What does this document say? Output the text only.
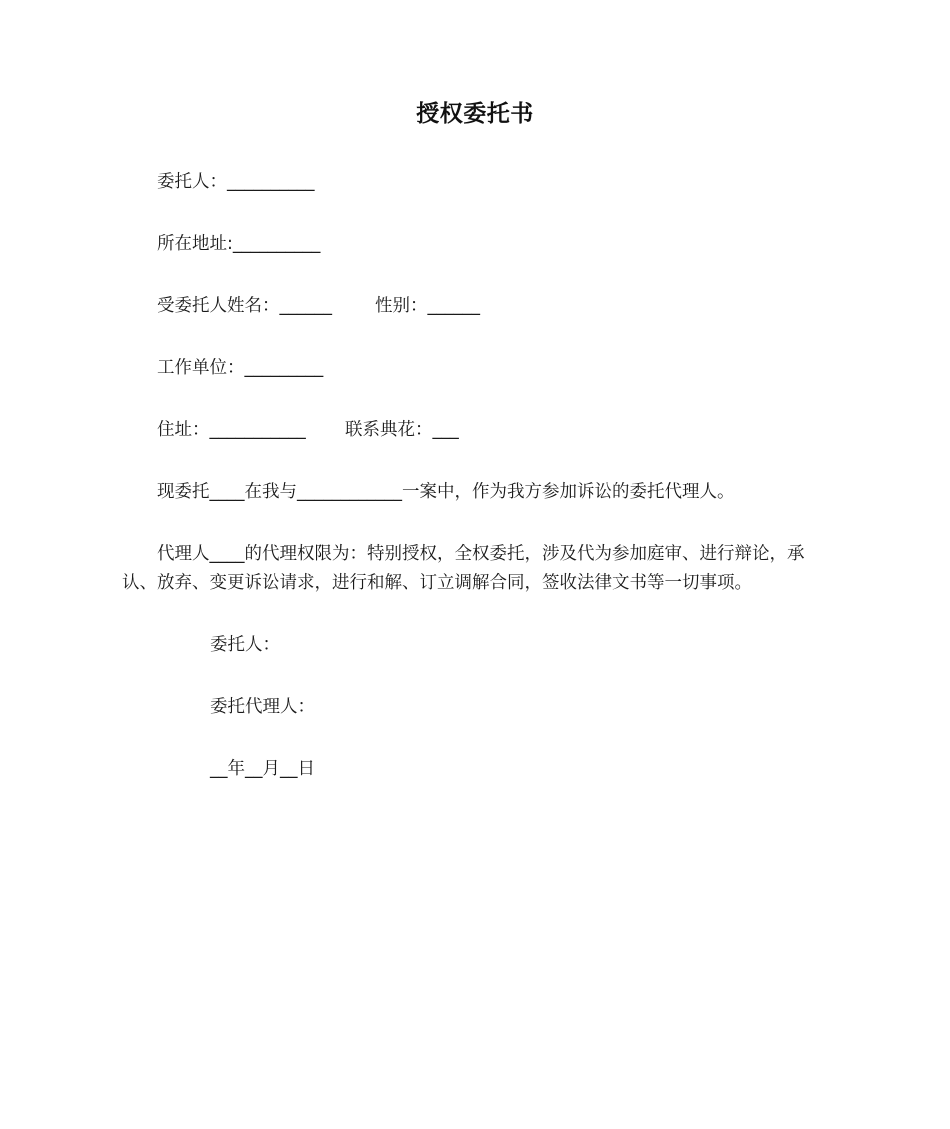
授权委托书
委托人：__________
所在地址:__________
受委托人姓名：______ 性别：______
工作单位：_________
住址：___________ 联系典花：___
现委托____在我与____________一案中，作为我方参加诉讼的委托代理人。
代理人____的代理权限为：特别授权，全权委托，涉及代为参加庭审、进行辩论，承认、放弃、变更诉讼请求，进行和解、订立调解合同，签收法律文书等一切事项。
委托人：
委托代理人：
__年__月__日
